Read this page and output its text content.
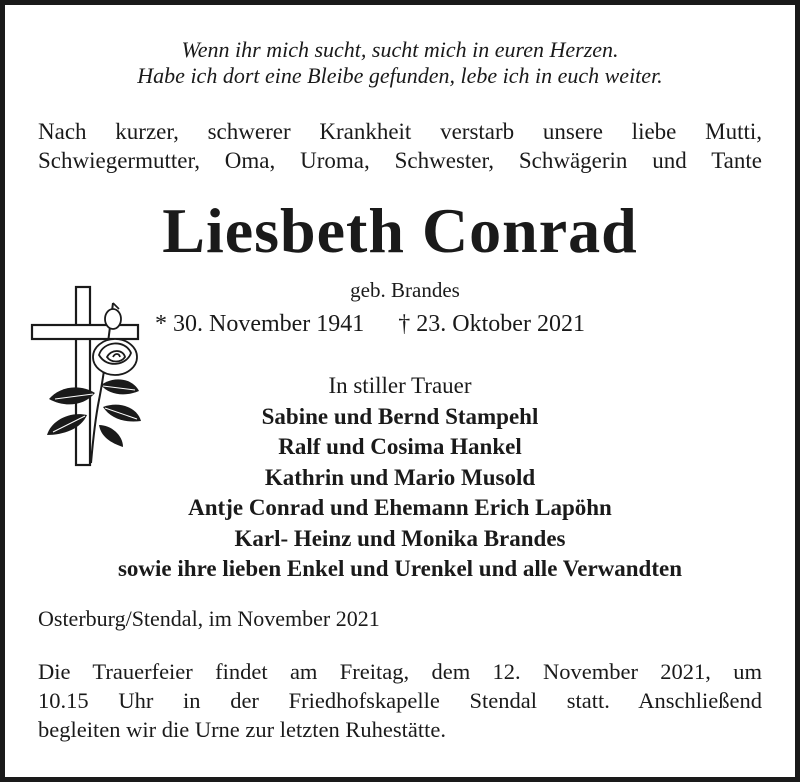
Wenn ihr mich sucht, sucht mich in euren Herzen.
Habe ich dort eine Bleibe gefunden, lebe ich in euch weiter.
Nach kurzer, schwerer Krankheit verstarb unsere liebe Mutti,
Schwiegermutter, Oma, Uroma, Schwester, Schwägerin und Tante
Liesbeth Conrad
geb. Brandes
* 30. November 1941 † 23. Oktober 2021
In stiller Trauer
Sabine und Bernd Stampehl
Ralf und Cosima Hankel
Kathrin und Mario Musold
Antje Conrad und Ehemann Erich Lapöhn
Karl- Heinz und Monika Brandes
sowie ihre lieben Enkel und Urenkel und alle Verwandten
Osterburg/Stendal, im November 2021
Die Trauerfeier findet am Freitag, dem 12. November 2021, um
10.15 Uhr in der Friedhofskapelle Stendal statt. Anschließend
begleiten wir die Urne zur letzten Ruhestätte.
